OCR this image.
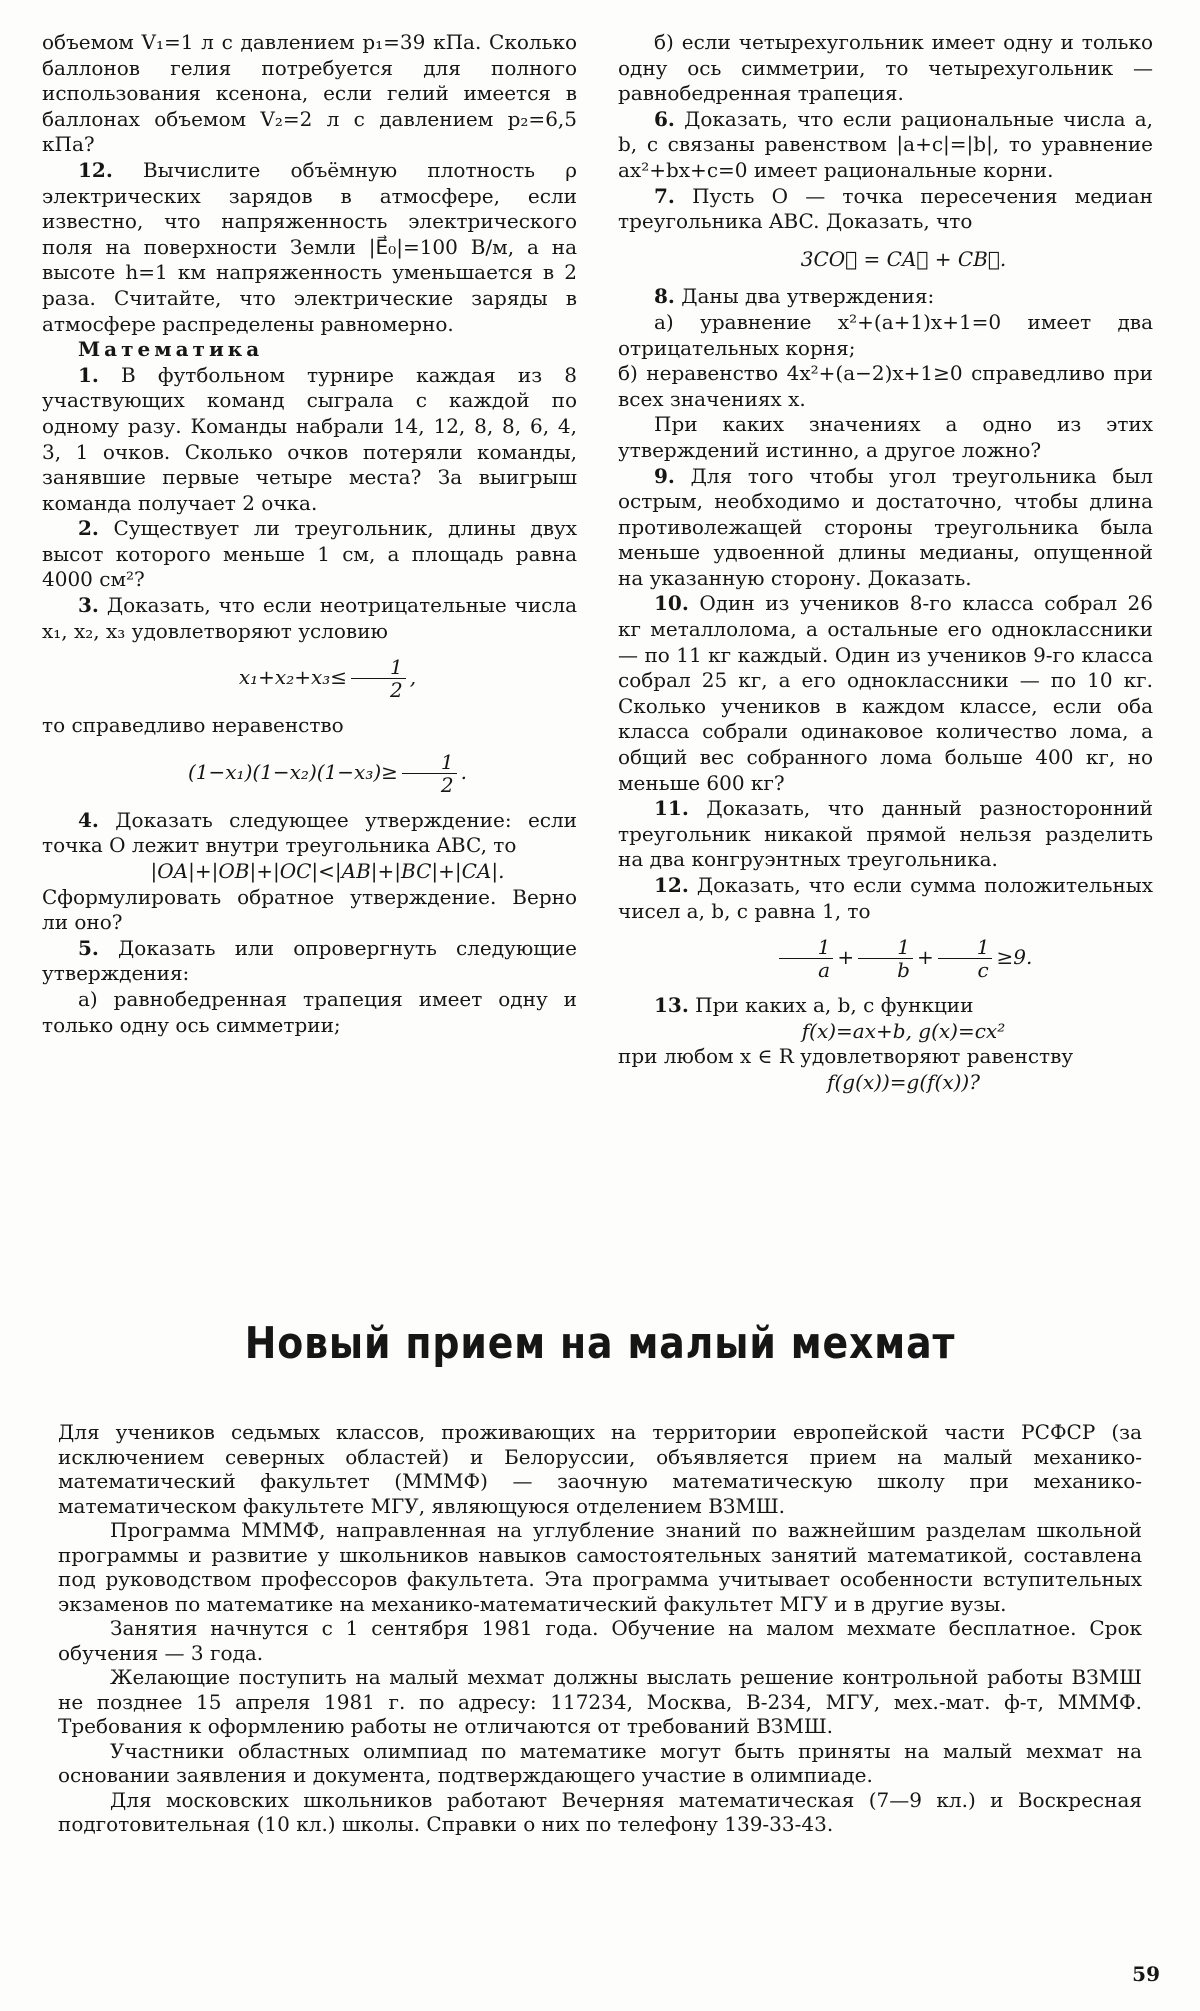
объемом V₁=1 л с давлением p₁=39 кПа. Сколько баллонов гелия потребуется для полного использования ксенона, если гелий имеется в баллонах объемом V₂=2 л с давлением p₂=6,5 кПа?

12. Вычислите объёмную плотность ρ электрических зарядов в атмосфере, если известно, что напряженность электрического поля на поверхности Земли |E⃗₀|=100 В/м, а на высоте h=1 км напряженность уменьшается в 2 раза. Считайте, что электрические заряды в атмосфере распределены равномерно.

Математика

1. В футбольном турнире каждая из 8 участвующих команд сыграла с каждой по одному разу. Команды набрали 14, 12, 8, 8, 6, 4, 3, 1 очков. Сколько очков потеряли команды, занявшие первые четыре места? За выигрыш команда получает 2 очка.

2. Существует ли треугольник, длины двух высот которого меньше 1 см, а площадь равна 4000 см²?

3. Доказать, что если неотрицательные числа x₁, x₂, x₃ удовлетворяют условию

$x_1+x_2+x_3\le \frac{1}{2}$ ,

то справедливо неравенство

$(1-x_1)(1-x_2)(1-x_3)\ge \frac{1}{2}$ .

4. Доказать следующее утверждение: если точка O лежит внутри треугольника ABC, то

|OA|+|OB|+|OC|<|AB|+|BC|+|CA|.

Сформулировать обратное утверждение. Верно ли оно?

5. Доказать или опровергнуть следующие утверждения:

а) равнобедренная трапеция имеет одну и только одну ось симметрии;

б) если четырехугольник имеет одну и только одну ось симметрии, то четырехугольник — равнобедренная трапеция.

6. Доказать, что если рациональные числа a, b, c связаны равенством |a+c|=|b|, то уравнение ax²+bx+c=0 имеет рациональные корни.

7. Пусть O — точка пересечения медиан треугольника ABC. Доказать, что

3CO⃗ = CA⃗ + CB⃗.

8. Даны два утверждения:

а) уравнение x²+(a+1)x+1=0 имеет два отрицательных корня;

б) неравенство 4x²+(a−2)x+1≥0 справедливо при всех значениях x.

При каких значениях a одно из этих утверждений истинно, а другое ложно?

9. Для того чтобы угол треугольника был острым, необходимо и достаточно, чтобы длина противолежащей стороны треугольника была меньше удвоенной длины медианы, опущенной на указанную сторону. Доказать.

10. Один из учеников 8-го класса собрал 26 кг металлолома, а остальные его одноклассники — по 11 кг каждый. Один из учеников 9-го класса собрал 25 кг, а его одноклассники — по 10 кг. Сколько учеников в каждом классе, если оба класса собрали одинаковое количество лома, а общий вес собранного лома больше 400 кг, но меньше 600 кг?

11. Доказать, что данный разносторонний треугольник никакой прямой нельзя разделить на два конгруэнтных треугольника.

12. Доказать, что если сумма положительных чисел a, b, c равна 1, то

$\frac{1}{a} + \frac{1}{b} + \frac{1}{c} \ge 9$.

13. При каких a, b, c функции

f(x)=ax+b, g(x)=cx²

при любом x ∈ R удовлетворяют равенству

f(g(x))=g(f(x))?

Новый прием на малый мехмат

Для учеников седьмых классов, проживающих на территории европейской части РСФСР (за исключением северных областей) и Белоруссии, объявляется прием на малый механико-математический факультет (МММФ) — заочную математическую школу при механико-математическом факультете МГУ, являющуюся отделением ВЗМШ.

Программа МММФ, направленная на углубление знаний по важнейшим разделам школьной программы и развитие у школьников навыков самостоятельных занятий математикой, составлена под руководством профессоров факультета. Эта программа учитывает особенности вступительных экзаменов по математике на механико-математический факультет МГУ и в другие вузы.

Занятия начнутся с 1 сентября 1981 года. Обучение на малом мехмате бесплатное. Срок обучения — 3 года.

Желающие поступить на малый мехмат должны выслать решение контрольной работы ВЗМШ не позднее 15 апреля 1981 г. по адресу: 117234, Москва, В-234, МГУ, мех.-мат. ф-т, МММФ. Требования к оформлению работы не отличаются от требований ВЗМШ.

Участники областных олимпиад по математике могут быть приняты на малый мехмат на основании заявления и документа, подтверждающего участие в олимпиаде.

Для московских школьников работают Вечерняя математическая (7—9 кл.) и Воскресная подготовительная (10 кл.) школы. Справки о них по телефону 139-33-43.

59
